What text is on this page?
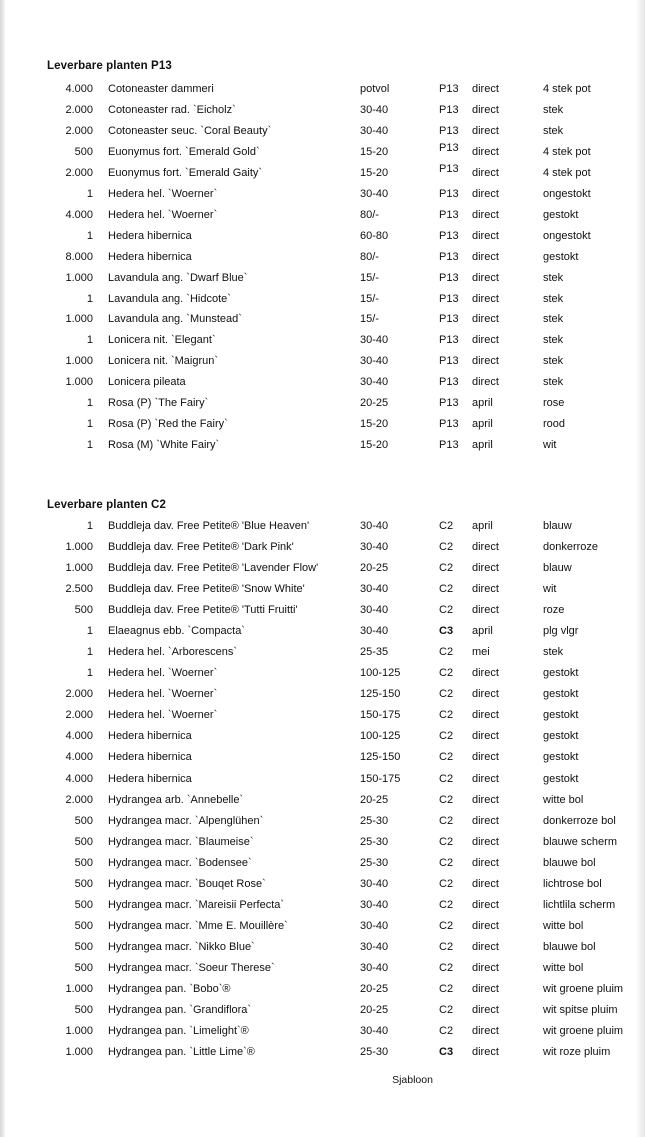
Leverbare planten P13
4.000 Cotoneaster dammeri	potvol	P13 direct	4 stek pot
2.000 Cotoneaster rad. `Eicholz`	30-40	P13 direct	stek
2.000 Cotoneaster seuc. `Coral Beauty`	30-40	P13 direct	stek
500 Euonymus fort. `Emerald Gold`	15-20	P13 direct	4 stek pot
2.000 Euonymus fort. `Emerald Gaity`	15-20	P13 direct	4 stek pot
1 Hedera hel. `Woerner`	30-40	P13 direct	ongestokt
4.000 Hedera hel. `Woerner`	80/-	P13 direct	gestokt
1 Hedera hibernica	60-80	P13 direct	ongestokt
8.000 Hedera hibernica	80/-	P13 direct	gestokt
1.000 Lavandula ang. `Dwarf Blue`	15/-	P13 direct	stek
1 Lavandula ang. `Hidcote`	15/-	P13 direct	stek
1.000 Lavandula ang. `Munstead`	15/-	P13 direct	stek
1 Lonicera nit. `Elegant`	30-40	P13 direct	stek
1.000 Lonicera nit. `Maigrun`	30-40	P13 direct	stek
1.000 Lonicera pileata	30-40	P13 direct	stek
1 Rosa (P) `The Fairy`	20-25	P13 april	rose
1 Rosa (P) `Red the Fairy`	15-20	P13 april	rood
1 Rosa (M) `White Fairy`	15-20	P13 april	wit
Leverbare planten C2
1 Buddleja dav. Free Petite® 'Blue Heaven'	30-40	C2 april	blauw
1.000 Buddleja dav. Free Petite® 'Dark Pink'	30-40	C2 direct	donkerroze
1.000 Buddleja dav. Free Petite® 'Lavender Flow'	20-25	C2 direct	blauw
2.500 Buddleja dav. Free Petite® 'Snow White'	30-40	C2 direct	wit
500 Buddleja dav. Free Petite® 'Tutti Fruitti'	30-40	C2 direct	roze
1 Elaeagnus ebb. `Compacta`	30-40	C3 april	plg vlgr
1 Hedera hel. `Arborescens`	25-35	C2 mei	stek
1 Hedera hel. `Woerner`	100-125	C2 direct	gestokt
2.000 Hedera hel. `Woerner`	125-150	C2 direct	gestokt
2.000 Hedera hel. `Woerner`	150-175	C2 direct	gestokt
4.000 Hedera hibernica	100-125	C2 direct	gestokt
4.000 Hedera hibernica	125-150	C2 direct	gestokt
4.000 Hedera hibernica	150-175	C2 direct	gestokt
2.000 Hydrangea arb. `Annebelle`	20-25	C2 direct	witte bol
500 Hydrangea macr. `Alpenglühen`	25-30	C2 direct	donkerroze bol
500 Hydrangea macr. `Blaumeise`	25-30	C2 direct	blauwe scherm
500 Hydrangea macr. `Bodensee`	25-30	C2 direct	blauwe bol
500 Hydrangea macr. `Bouqet Rose`	30-40	C2 direct	lichtrose bol
500 Hydrangea macr. `Mareisii Perfecta`	30-40	C2 direct	lichtlila scherm
500 Hydrangea macr. `Mme E. Mouillère`	30-40	C2 direct	witte bol
500 Hydrangea macr. `Nikko Blue`	30-40	C2 direct	blauwe bol
500 Hydrangea macr. `Soeur Therese`	30-40	C2 direct	witte bol
1.000 Hydrangea pan. `Bobo`®	20-25	C2 direct	wit groene pluim
500 Hydrangea pan. `Grandiflora`	20-25	C2 direct	wit spitse pluim
1.000 Hydrangea pan. `Limelight`®	30-40	C2 direct	wit groene pluim
1.000 Hydrangea pan. `Little Lime`®	25-30	C3 direct	wit roze pluim
Sjabloon
